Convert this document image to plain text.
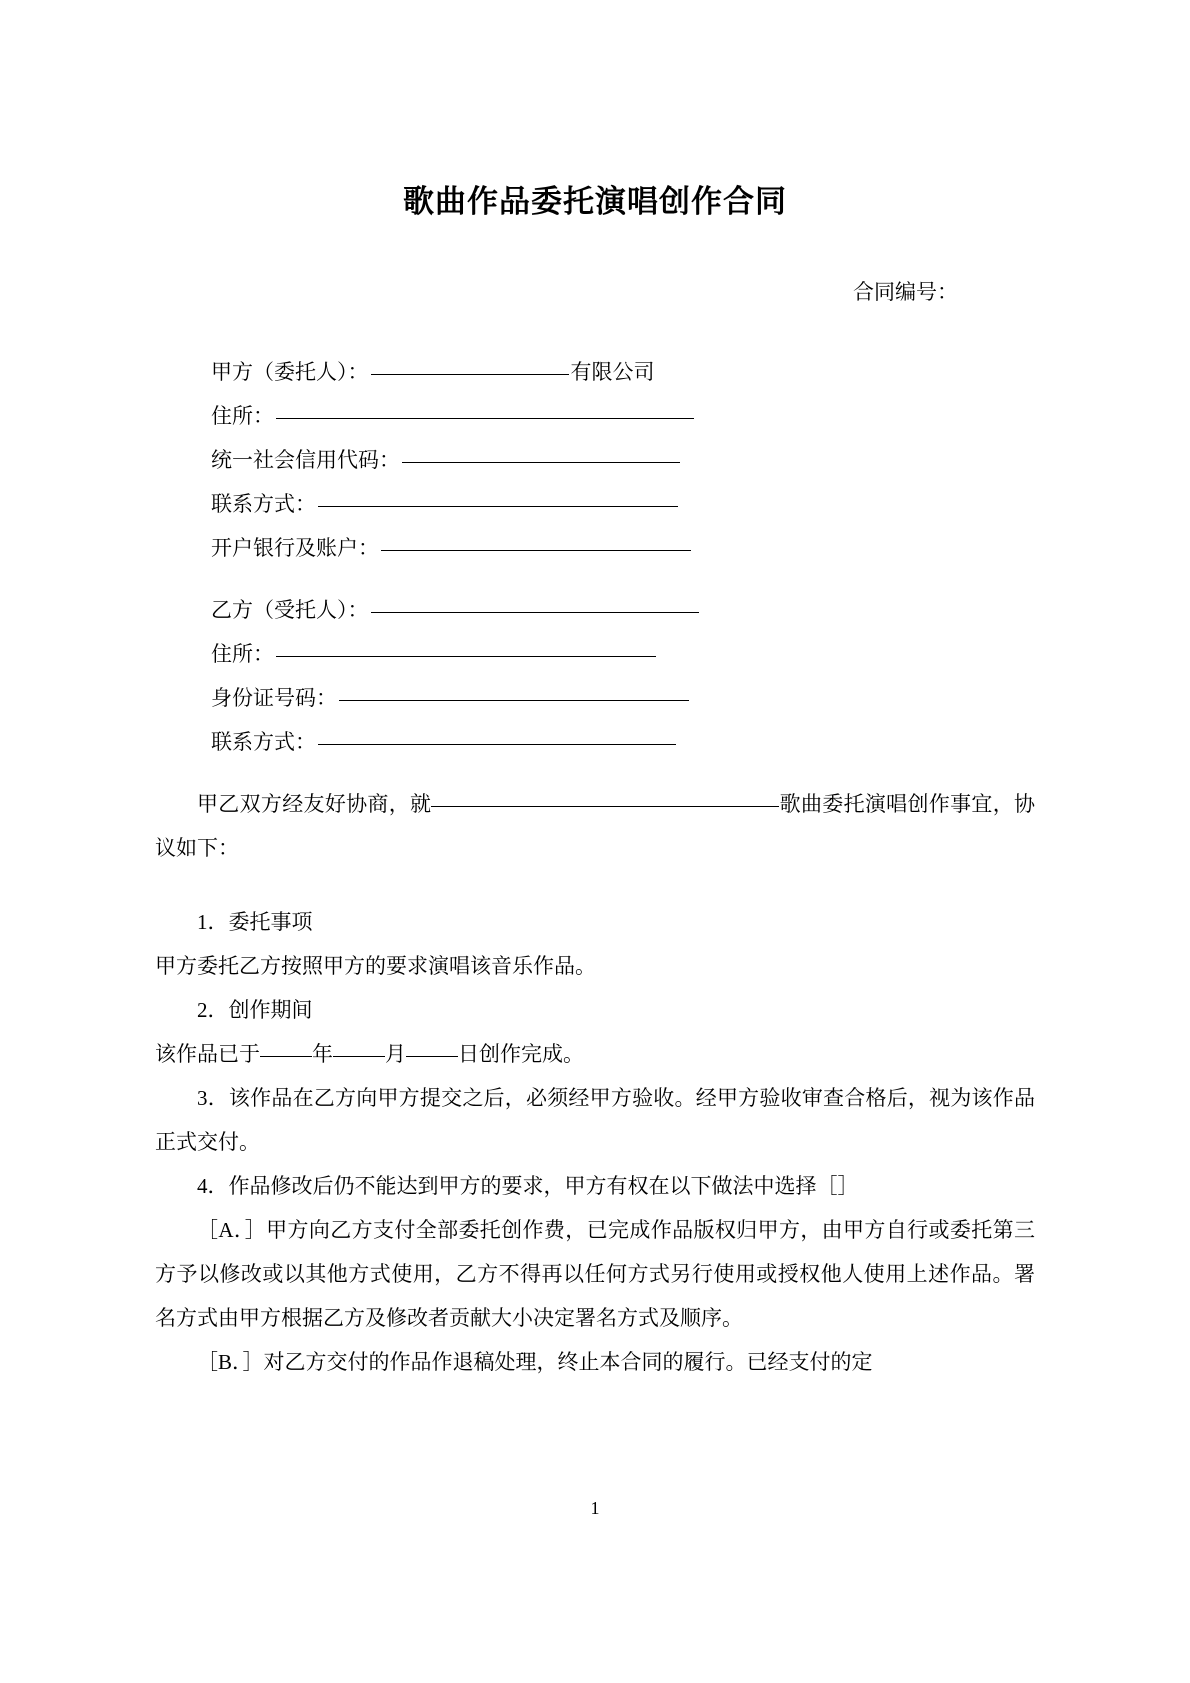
歌曲作品委托演唱创作合同
合同编号：
甲方（委托人）：	有限公司
住所：
统一社会信用代码：
联系方式：
开户银行及账户：
乙方（受托人）：
住所：
身份证号码：
联系方式：

甲乙双方经友好协商，就	歌曲委托演唱创作事宜，协议如下：

1．委托事项

甲方委托乙方按照甲方的要求演唱该音乐作品。

2．创作期间

该作品已于 年 月 日创作完成。

3．该作品在乙方向甲方提交之后，必须经甲方验收。经甲方验收审查合格后，视为该作品正式交付。

4．作品修改后仍不能达到甲方的要求，甲方有权在以下做法中选择［］

［A．］甲方向乙方支付全部委托创作费，已完成作品版权归甲方，由甲方自行或委托第三方予以修改或以其他方式使用，乙方不得再以任何方式另行使用或授权他人使用上述作品。署名方式由甲方根据乙方及修改者贡献大小决定署名方式及顺序。

［B．］对乙方交付的作品作退稿处理，终止本合同的履行。已经支付的定

1
